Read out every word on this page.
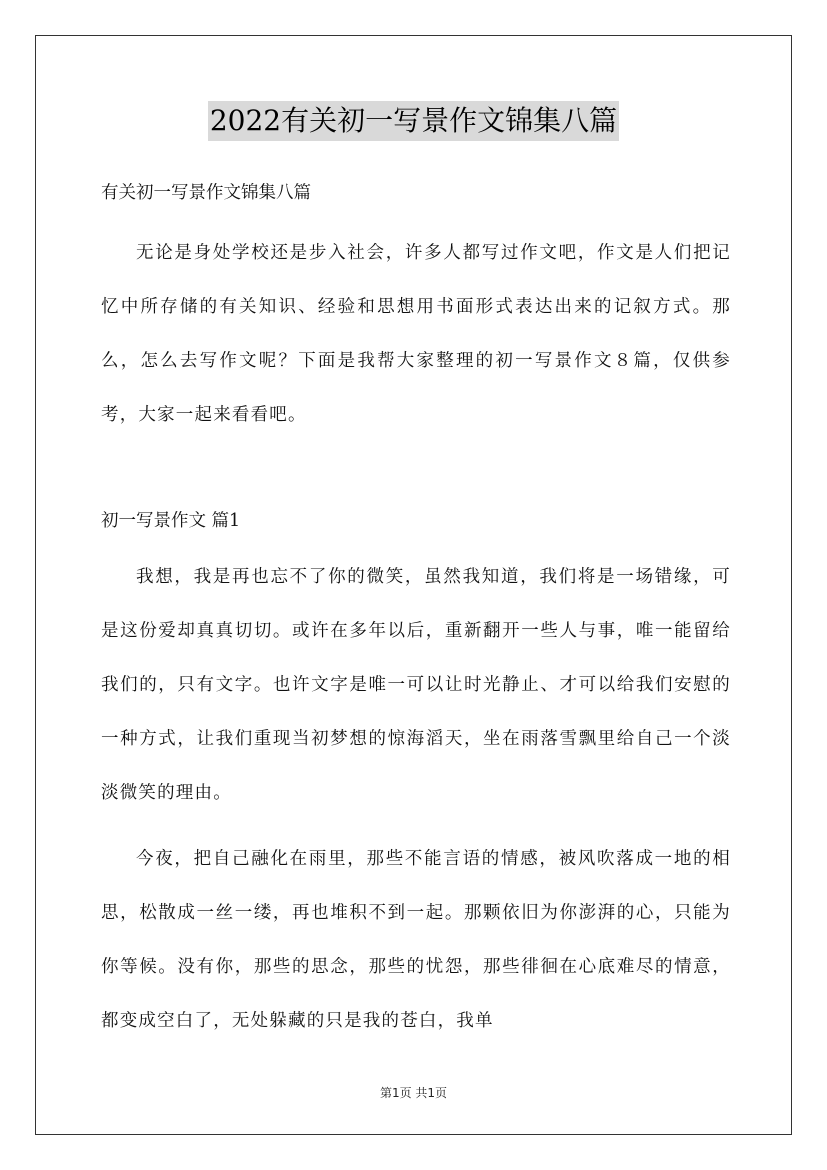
2022有关初一写景作文锦集八篇

有关初一写景作文锦集八篇

无论是身处学校还是步入社会，许多人都写过作文吧，作文是人们把记忆中所存储的有关知识、经验和思想用书面形式表达出来的记叙方式。那么，怎么去写作文呢？下面是我帮大家整理的初一写景作文８篇，仅供参考，大家一起来看看吧。

初一写景作文 篇1

我想，我是再也忘不了你的微笑，虽然我知道，我们将是一场错缘，可是这份爱却真真切切。或许在多年以后，重新翻开一些人与事，唯一能留给我们的，只有文字。也许文字是唯一可以让时光静止、才可以给我们安慰的一种方式，让我们重现当初梦想的惊海滔天，坐在雨落雪飘里给自己一个淡淡微笑的理由。

今夜，把自己融化在雨里，那些不能言语的情感，被风吹落成一地的相思，松散成一丝一缕，再也堆积不到一起。那颗依旧为你澎湃的心，只能为你等候。没有你，那些的思念，那些的忧怨，那些徘徊在心底难尽的情意，都变成空白了，无处躲藏的只是我的苍白，我单

第1页 共1页
